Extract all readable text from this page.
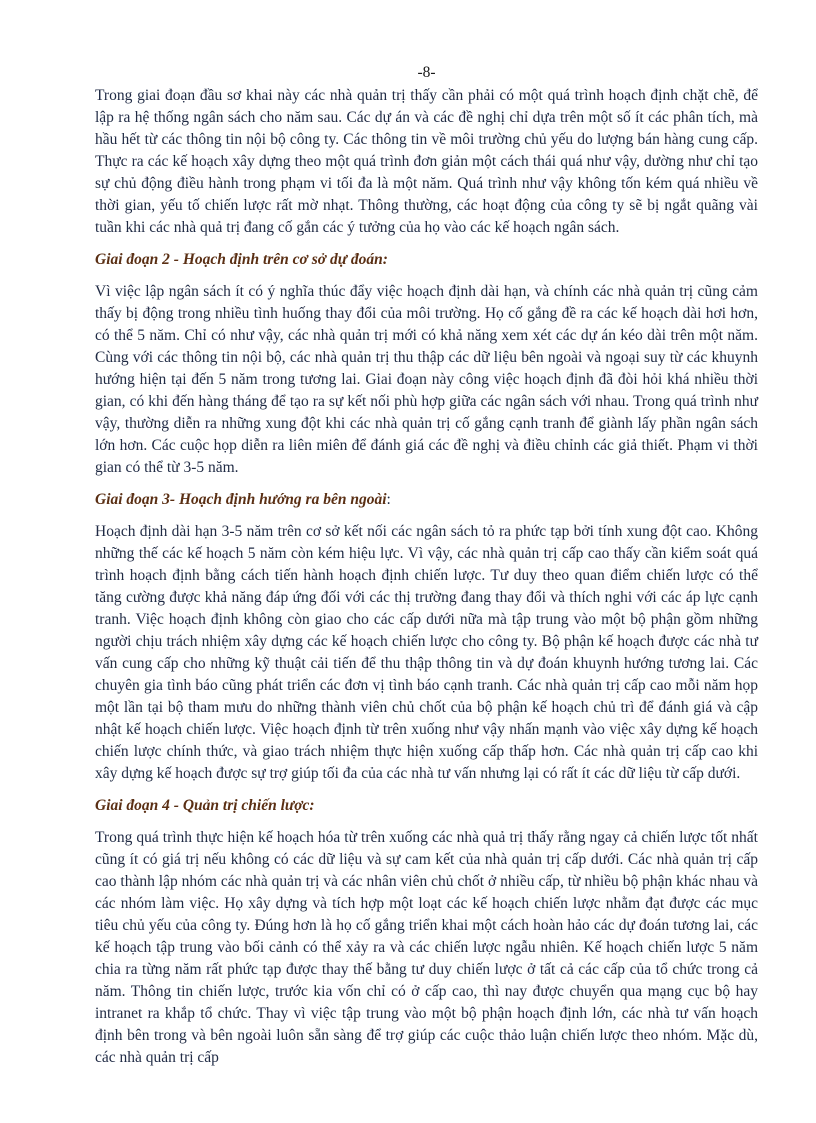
-8-

Trong giai đoạn đầu sơ khai này các nhà quản trị thấy cần phải có một quá trình hoạch định chặt chẽ, để lập ra hệ thống ngân sách cho năm sau. Các dự án và các đề nghị chỉ dựa trên một số ít các phân tích, mà hầu hết từ các thông tin nội bộ công ty. Các thông tin về môi trường chủ yếu do lượng bán hàng cung cấp. Thực ra các kế hoạch xây dựng theo một quá trình đơn giản một cách thái quá như vậy, dường như chỉ tạo sự chủ động điều hành trong phạm vi tối đa là một năm. Quá trình như vậy không tốn kém quá nhiều về thời gian, yếu tố chiến lược rất mờ nhạt. Thông thường, các hoạt động của công ty sẽ bị ngắt quãng vài tuần khi các nhà quả trị đang cố gắn các ý tưởng của họ vào các kế hoạch ngân sách.

Giai đoạn 2 - Hoạch định trên cơ sở dự đoán:

Vì việc lập ngân sách ít có ý nghĩa thúc đẩy việc hoạch định dài hạn, và chính các nhà quản trị cũng cảm thấy bị động trong nhiều tình huống thay đổi của môi trường. Họ cố gắng đề ra các kế hoạch dài hơi hơn, có thể 5 năm. Chỉ có như vậy, các nhà quản trị mới có khả năng xem xét các dự án kéo dài trên một năm. Cùng với các thông tin nội bộ, các nhà quản trị thu thập các dữ liệu bên ngoài và ngoại suy từ các khuynh hướng hiện tại đến 5 năm trong tương lai. Giai đoạn này công việc hoạch định đã đòi hỏi khá nhiều thời gian, có khi đến hàng tháng để tạo ra sự kết nối phù hợp giữa các ngân sách với nhau. Trong quá trình như vậy, thường diễn ra những xung đột khi các nhà quản trị cố gắng cạnh tranh để giành lấy phần ngân sách lớn hơn. Các cuộc họp diễn ra liên miên để đánh giá các đề nghị và điều chỉnh các giả thiết. Phạm vi thời gian có thể từ 3-5 năm.

Giai đoạn 3- Hoạch định hướng ra bên ngoài:

Hoạch định dài hạn 3-5 năm trên cơ sở kết nối các ngân sách tỏ ra phức tạp bởi tính xung đột cao. Không những thế các kế hoạch 5 năm còn kém hiệu lực. Vì vậy, các nhà quản trị cấp cao thấy cần kiểm soát quá trình hoạch định bằng cách tiến hành hoạch định chiến lược. Tư duy theo quan điểm chiến lược có thể tăng cường được khả năng đáp ứng đối với các thị trường đang thay đổi và thích nghi với các áp lực cạnh tranh. Việc hoạch định không còn giao cho các cấp dưới nữa mà tập trung vào một bộ phận gồm những người chịu trách nhiệm xây dựng các kế hoạch chiến lược cho công ty. Bộ phận kế hoạch được các nhà tư vấn cung cấp cho những kỹ thuật cải tiến để thu thập thông tin và dự đoán khuynh hướng tương lai. Các chuyên gia tình báo cũng phát triển các đơn vị tình báo cạnh tranh. Các nhà quản trị cấp cao mỗi năm họp một lần tại bộ tham mưu do những thành viên chủ chốt của bộ phận kế hoạch chủ trì để đánh giá và cập nhật kế hoạch chiến lược. Việc hoạch định từ trên xuống như vậy nhấn mạnh vào việc xây dựng kế hoạch chiến lược chính thức, và giao trách nhiệm thực hiện xuống cấp thấp hơn. Các nhà quản trị cấp cao khi xây dựng kế hoạch được sự trợ giúp tối đa của các nhà tư vấn nhưng lại có rất ít các dữ liệu từ cấp dưới.

Giai đoạn 4 - Quản trị chiến lược:

Trong quá trình thực hiện kế hoạch hóa từ trên xuống các nhà quả trị thấy rằng ngay cả chiến lược tốt nhất cũng ít có giá trị nếu không có các dữ liệu và sự cam kết của nhà quản trị cấp dưới. Các nhà quản trị cấp cao thành lập nhóm các nhà quản trị và các nhân viên chủ chốt ở nhiều cấp, từ nhiều bộ phận khác nhau và các nhóm làm việc. Họ xây dựng và tích hợp một loạt các kế hoạch chiến lược nhằm đạt được các mục tiêu chủ yếu của công ty. Đúng hơn là họ cố gắng triển khai một cách hoàn hảo các dự đoán tương lai, các kế hoạch tập trung vào bối cảnh có thể xảy ra và các chiến lược ngẫu nhiên. Kế hoạch chiến lược 5 năm chia ra từng năm rất phức tạp được thay thế bằng tư duy chiến lược ở tất cả các cấp của tổ chức trong cả năm. Thông tin chiến lược, trước kia vốn chỉ có ở cấp cao, thì nay được chuyển qua mạng cục bộ hay intranet ra khắp tổ chức. Thay vì việc tập trung vào một bộ phận hoạch định lớn, các nhà tư vấn hoạch định bên trong và bên ngoài luôn sẵn sàng để trợ giúp các cuộc thảo luận chiến lược theo nhóm. Mặc dù, các nhà quản trị cấp
